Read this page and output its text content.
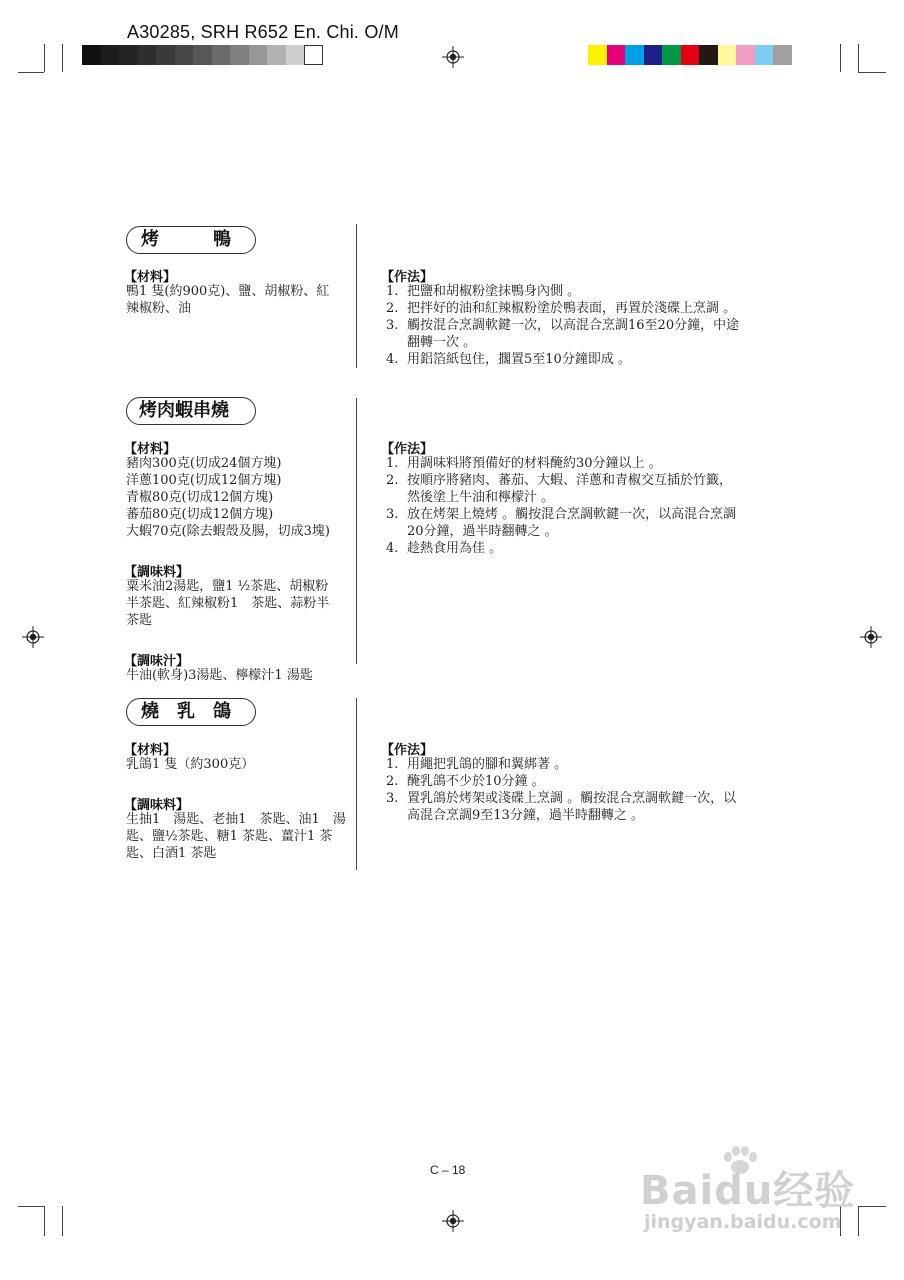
A30285, SRH R652 En. Chi. O/M
烤　　　鴨
【材料】
鴨1 隻(約900克)、鹽、胡椒粉、紅
辣椒粉、油
【作法】
1. 把鹽和胡椒粉塗抹鴨身內側 。
2. 把拌好的油和紅辣椒粉塗於鴨表面，再置於淺碟上烹調 。
3. 觸按混合烹調軟鍵一次，以高混合烹調16至20分鐘，中途
翻轉一次 。
4. 用鋁箔紙包住，擱置5至10分鐘即成 。
烤肉蝦串燒
【材料】
豬肉300克(切成24個方塊)
洋蔥100克(切成12個方塊)
青椒80克(切成12個方塊)
蕃茄80克(切成12個方塊)
大蝦70克(除去蝦殼及腸，切成3塊)
【調味料】
粟米油2湯匙，鹽1 ½茶匙、胡椒粉
半茶匙、紅辣椒粉1　茶匙、蒜粉半
茶匙
【調味汁】
牛油(軟身)3湯匙、檸檬汁1 湯匙
【作法】
1. 用調味料將預備好的材料醃約30分鐘以上 。
2. 按順序將豬肉、蕃茄、大蝦、洋蔥和青椒交互插於竹籤，
然後塗上牛油和檸檬汁 。
3. 放在烤架上燒烤 。觸按混合烹調軟鍵一次，以高混合烹調
20分鐘，過半時翻轉之 。
4. 趁熱食用為佳 。
燒　乳　鴿
【材料】
乳鴿1 隻（約300克）
【調味料】
生抽1　湯匙、老抽1　茶匙、油1　湯
匙、鹽½茶匙、糖1 茶匙、薑汁1 茶
匙、白酒1 茶匙
【作法】
1. 用繩把乳鴿的腳和翼綁著 。
2. 醃乳鴿不少於10分鐘 。
3. 置乳鴿於烤架或淺碟上烹調 。觸按混合烹調軟鍵一次，以
高混合烹調9至13分鐘，過半時翻轉之 。
C – 18	Baidu经验
jingyan.baidu.com
